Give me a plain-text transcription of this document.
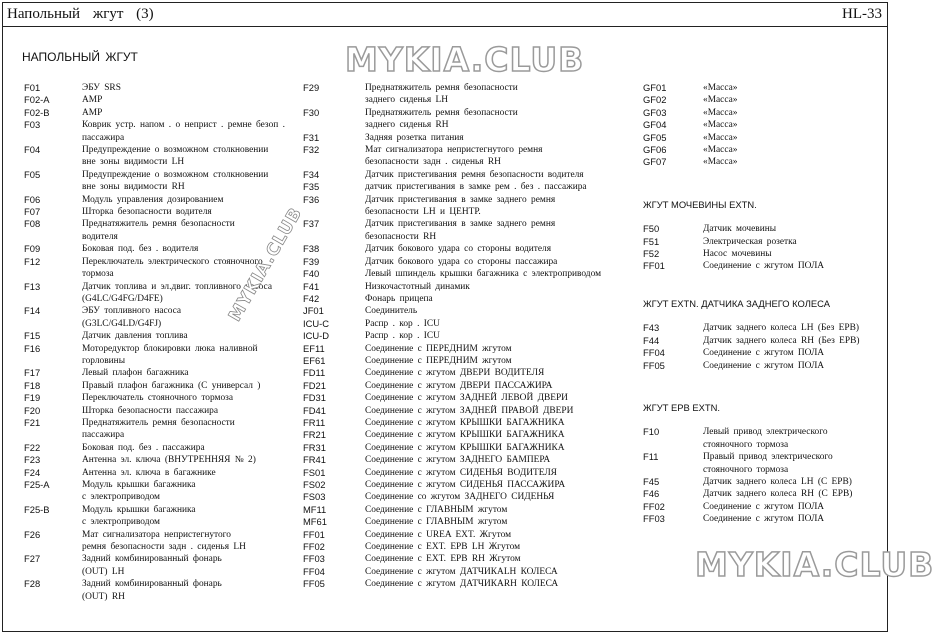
Напольный жгут (3)	HL-33
НАПОЛЬНЫЙ ЖГУТ
F01	ЭБУ SRS
F02-A	AMP
F02-B	AMP
F03	Коврик устр. напом . о неприст . ремне безоп .
пассажира
F04	Предупреждение о возможном столкновении
вне зоны видимости LH
F05	Предупреждение о возможном столкновении
вне зоны видимости RH
F06	Модуль управления дозированием
F07	Шторка безопасности водителя
F08	Преднатяжитель ремня безопасности
водителя
F09	Боковая под. без . водителя
F12	Переключатель электрического стояночного
тормоза
F13	Датчик топлива и эл.двиг. топливного насоса
(G4LC/G4FG/D4FE)
F14	ЭБУ топливного насоса
(G3LC/G4LD/G4FJ)
F15	Датчик давления топлива
F16	Моторедуктор блокировки люка наливной
горловины
F17	Левый плафон багажника
F18	Правый плафон багажника (С универсал )
F19	Переключатель стояночного тормоза
F20	Шторка безопасности пассажира
F21	Преднатяжитель ремня безопасности
пассажира
F22	Боковая под. без . пассажира
F23	Антенна эл. ключа (ВНУТРЕННЯЯ № 2)
F24	Антенна эл. ключа в багажнике
F25-A	Модуль крышки багажника
с электроприводом
F25-B	Модуль крышки багажника
с электроприводом
F26	Мат сигнализатора непристегнутого
ремня безопасности задн . сиденья LH
F27	Задний комбинированный фонарь
(OUT) LH
F28	Задний комбинированный фонарь
(OUT) RH
F29	Преднатяжитель ремня безопасности
заднего сиденья LH
F30	Преднатяжитель ремня безопасности
заднего сиденья RH
F31	Задняя розетка питания
F32	Мат сигнализатора непристегнутого ремня
безопасности задн . сиденья RH
F34	Датчик пристегивания ремня безопасности водителя
F35	датчик пристегивания в замке рем . без . пассажира
F36	Датчик пристегивания в замке заднего ремня
безопасности LH и ЦЕНТР.
F37	Датчик пристегивания в замке заднего ремня
безопасности RH
F38	Датчик бокового удара со стороны водителя
F39	Датчик бокового удара со стороны пассажира
F40	Левый шпиндель крышки багажника с электроприводом
F41	Низкочастотный динамик
F42	Фонарь прицепа
JF01	Соединитель
ICU-C	Распр . кор . ICU
ICU-D	Распр . кор . ICU
EF11	Соединение с ПЕРЕДНИМ жгутом
EF61	Соединение с ПЕРЕДНИМ жгутом
FD11	Соединение с жгутом ДВЕРИ ВОДИТЕЛЯ
FD21	Соединение с жгутом ДВЕРИ ПАССАЖИРА
FD31	Соединение с жгутом ЗАДНЕЙ ЛЕВОЙ ДВЕРИ
FD41	Соединение с жгутом ЗАДНЕЙ ПРАВОЙ ДВЕРИ
FR11	Соединение с жгутом КРЫШКИ БАГАЖНИКА
FR21	Соединение с жгутом КРЫШКИ БАГАЖНИКА
FR31	Соединение с жгутом КРЫШКИ БАГАЖНИКА
FR41	Соединение с жгутом ЗАДНЕГО БАМПЕРА
FS01	Соединение с жгутом СИДЕНЬЯ ВОДИТЕЛЯ
FS02	Соединение с жгутом СИДЕНЬЯ ПАССАЖИРА
FS03	Соединение со жгутом ЗАДНЕГО СИДЕНЬЯ
MF11	Соединение с ГЛАВНЫМ жгутом
MF61	Соединение с ГЛАВНЫМ жгутом
FF01	Соединение с UREA EXT. Жгутом
FF02	Соединение с EXT. EPB LH Жгутом
FF03	Соединение с EXT. EPB RH Жгутом
FF04	Соединение с жгутом ДАТЧИКАLH КОЛЕСА
FF05	Соединение с жгутом ДАТЧИКАRH КОЛЕСА
GF01	«Масса»
GF02	«Масса»
GF03	«Масса»
GF04	«Масса»
GF05	«Масса»
GF06	«Масса»
GF07	«Масса»

ЖГУТ МОЧЕВИНЫ EXTN.

F50	Датчик мочевины
F51	Электрическая розетка
F52	Насос мочевины
FF01	Соединение с жгутом ПОЛА

ЖГУТ EXTN. ДАТЧИКА ЗАДНЕГО КОЛЕСА

F43	Датчик заднего колеса LH (Без EPB)
F44	Датчик заднего колеса RH (Без EPB)
FF04	Соединение с жгутом ПОЛА
FF05	Соединение с жгутом ПОЛА

ЖГУТ EPB EXTN.

F10	Левый привод электрического
стояночного тормоза
F11	Правый привод электрического
стояночного тормоза
F45	Датчик заднего колеса LH (С EPB)
F46	Датчик заднего колеса RH (С EPB)
FF02	Соединение с жгутом ПОЛА
FF03	Соединение с жгутом ПОЛА
MYKIA.CLUB
MYKIA.CLUB
MYKIA.CLUB
